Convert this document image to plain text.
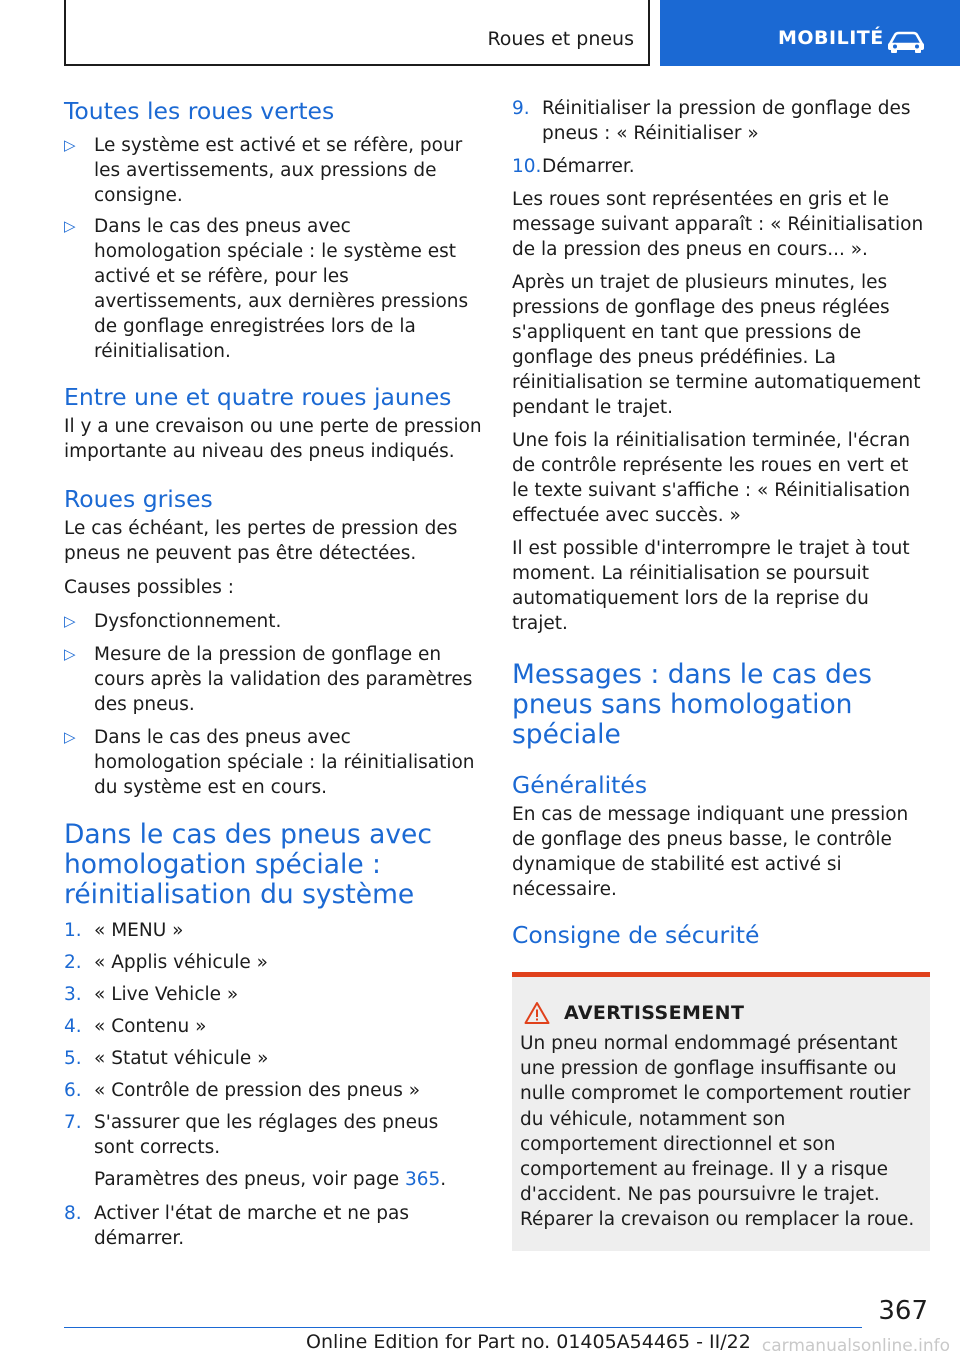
Roues et pneus	MOBILITÉ
Toutes les roues vertes
▷ Le système est activé et se réfère, pour les avertissements, aux pressions de consigne.
▷ Dans le cas des pneus avec homologation spéciale : le système est activé et se réfère, pour les avertissements, aux dernières pressions de gonflage enregistrées lors de la réinitialisation.
Entre une et quatre roues jaunes

Il y a une crevaison ou une perte de pression importante au niveau des pneus indiqués.

Roues grises

Le cas échéant, les pertes de pression des pneus ne peuvent pas être détectées.

Causes possibles :

▷ Dysfonctionnement.
▷ Mesure de la pression de gonflage en cours après la validation des paramètres des pneus.
▷ Dans le cas des pneus avec homologation spéciale : la réinitialisation du système est en cours.
Dans le cas des pneus avec homologation spéciale : réinitialisation du système
1. « MENU »
2. « Applis véhicule »
3. « Live Vehicle »
4. « Contenu »
5. « Statut véhicule »
6. « Contrôle de pression des pneus »
7. S'assurer que les réglages des pneus sont corrects.

Paramètres des pneus, voir page 365.

8. Activer l'état de marche et ne pas démarrer.
9. Réinitialiser la pression de gonflage des pneus : « Réinitialiser »
10. Démarrer.

Les roues sont représentées en gris et le message suivant apparaît : « Réinitialisation de la pression des pneus en cours... ».

Après un trajet de plusieurs minutes, les pressions de gonflage des pneus réglées s'appliquent en tant que pressions de gonflage des pneus prédéfinies. La réinitialisation se termine automatiquement pendant le trajet.

Une fois la réinitialisation terminée, l'écran de contrôle représente les roues en vert et le texte suivant s'affiche : « Réinitialisation effectuée avec succès. »

Il est possible d'interrompre le trajet à tout moment. La réinitialisation se poursuit automatiquement lors de la reprise du trajet.

Messages : dans le cas des pneus sans homologation spéciale
Généralités

En cas de message indiquant une pression de gonflage des pneus basse, le contrôle dynamique de stabilité est activé si nécessaire.

Consigne de sécurité
AVERTISSEMENT

Un pneu normal endommagé présentant une pression de gonflage insuffisante ou nulle compromet le comportement routier du véhicule, notamment son comportement directionnel et son comportement au freinage. Il y a risque d'accident. Ne pas poursuivre le trajet. Réparer la crevaison ou remplacer la roue.

367
Online Edition for Part no. 01405A54465 - II/22 carmanualsonline.info
